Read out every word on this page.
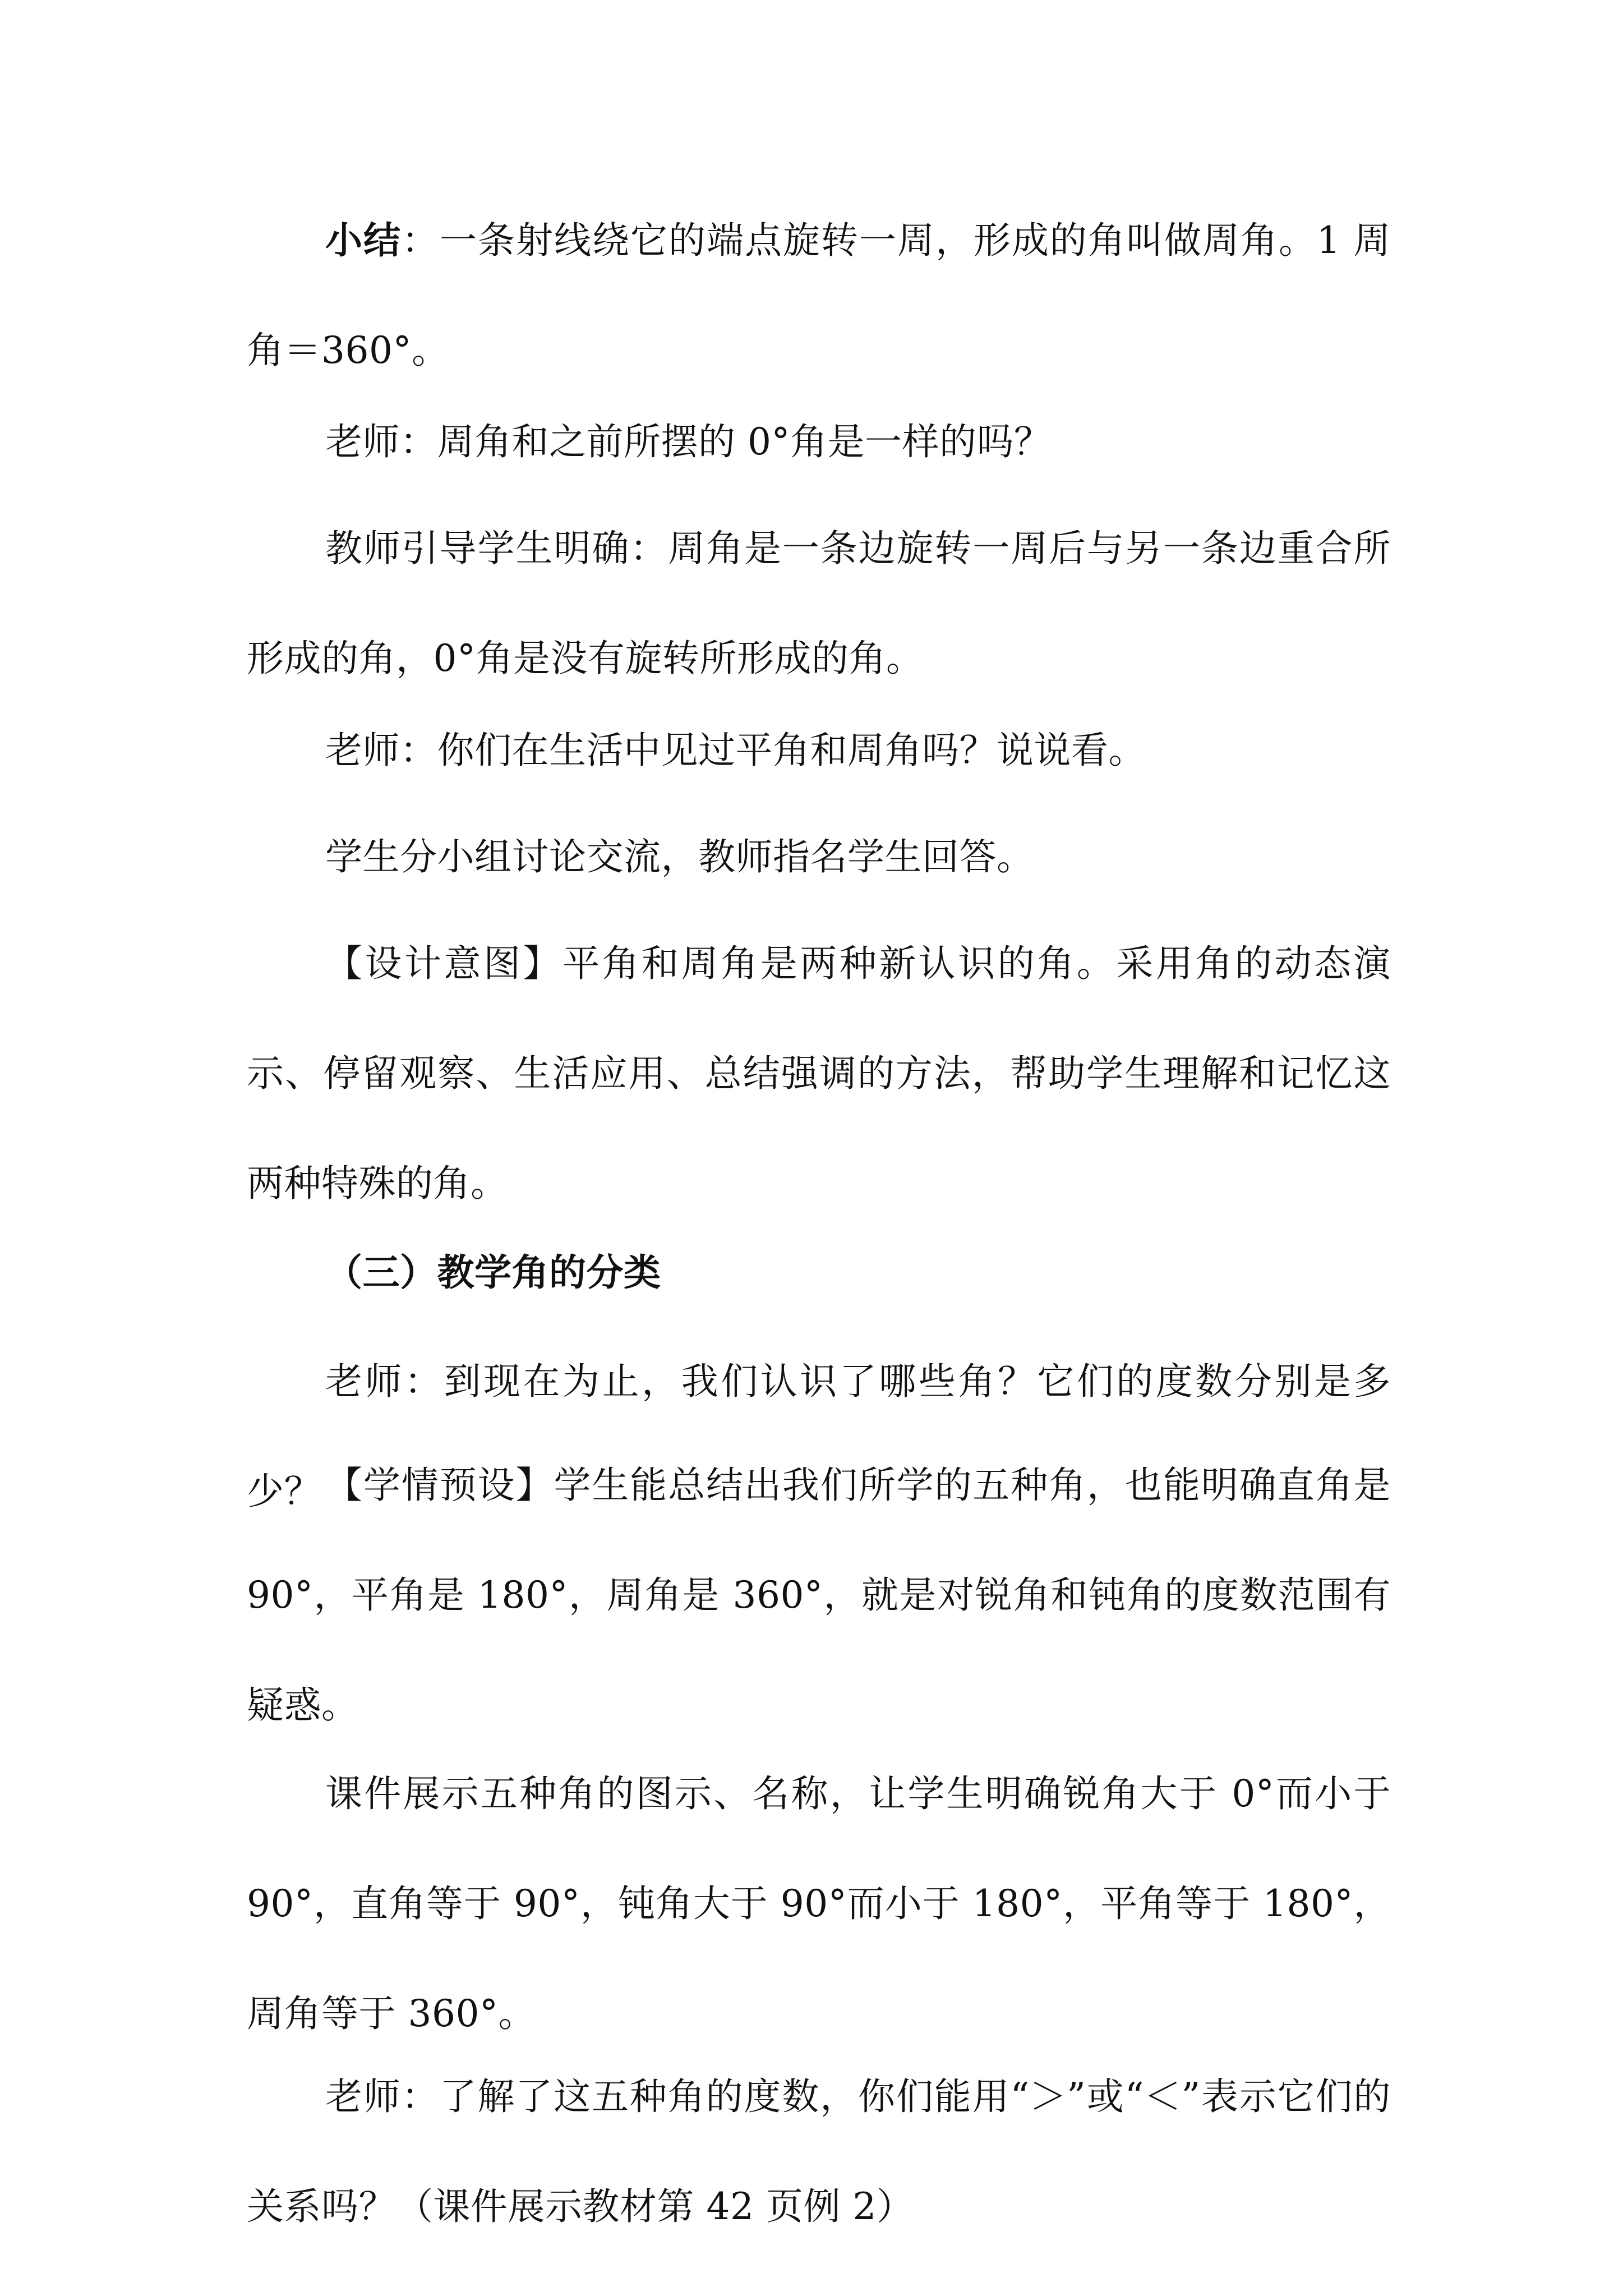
小结：一条射线绕它的端点旋转一周，形成的角叫做周角。1 周角＝360°。

老师：周角和之前所摆的 0°角是一样的吗？

教师引导学生明确：周角是一条边旋转一周后与另一条边重合所形成的角，0°角是没有旋转所形成的角。

老师：你们在生活中见过平角和周角吗？说说看。

学生分小组讨论交流，教师指名学生回答。

【设计意图】平角和周角是两种新认识的角。采用角的动态演示、停留观察、生活应用、总结强调的方法，帮助学生理解和记忆这两种特殊的角。

（三）教学角的分类

老师：到现在为止，我们认识了哪些角？它们的度数分别是多少？ 【学情预设】学生能总结出我们所学的五种角，也能明确直角是 90°，平角是 180°，周角是 360°，就是对锐角和钝角的度数范围有疑惑。

课件展示五种角的图示、名称，让学生明确锐角大于 0°而小于 90°，直角等于 90°，钝角大于 90°而小于 180°，平角等于 180°，周角等于 360°。

老师：了解了这五种角的度数，你们能用“＞”或“＜”表示它们的关系吗？（课件展示教材第 42 页例 2）
